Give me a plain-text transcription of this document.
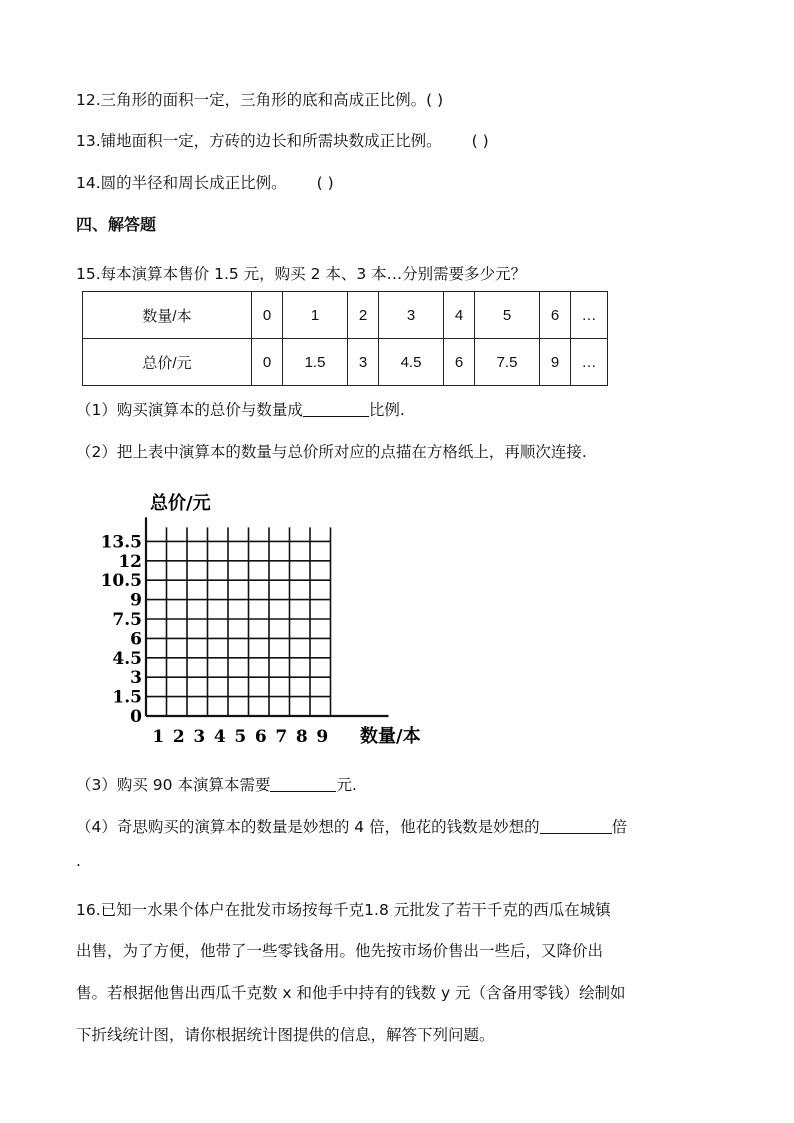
12.三角形的面积一定，三角形的底和高成正比例。( )
13.铺地面积一定，方砖的边长和所需块数成正比例。 ( )
14.圆的半径和周长成正比例。 ( )
四、解答题
15.每本演算本售价 1.5 元，购买 2 本、3 本…分别需要多少元？
数量/本	0	1	2	3	4	5	6	…
总价/元	0	1.5	3	4.5	6	7.5	9	…
（1）购买演算本的总价与数量成	比例.
（2）把上表中演算本的数量与总价所对应的点描在方格纸上，再顺次连接.
总价/元
数量/本
0
1.5
3
4.5
6
7.5
9
10.5
12
13.5
1 2 3 4 5 6 7 8 9
（3）购买 90 本演算本需要	元.
（4）奇思购买的演算本的数量是妙想的 4 倍，他花的钱数是妙想的	倍
.
16.已知一水果个体户在批发市场按每千克1.8 元批发了若干千克的西瓜在城镇
出售，为了方便，他带了一些零钱备用。他先按市场价售出一些后，又降价出
售。若根据他售出西瓜千克数 x 和他手中持有的钱数 y 元（含备用零钱）绘制如
下折线统计图，请你根据统计图提供的信息，解答下列问题。
